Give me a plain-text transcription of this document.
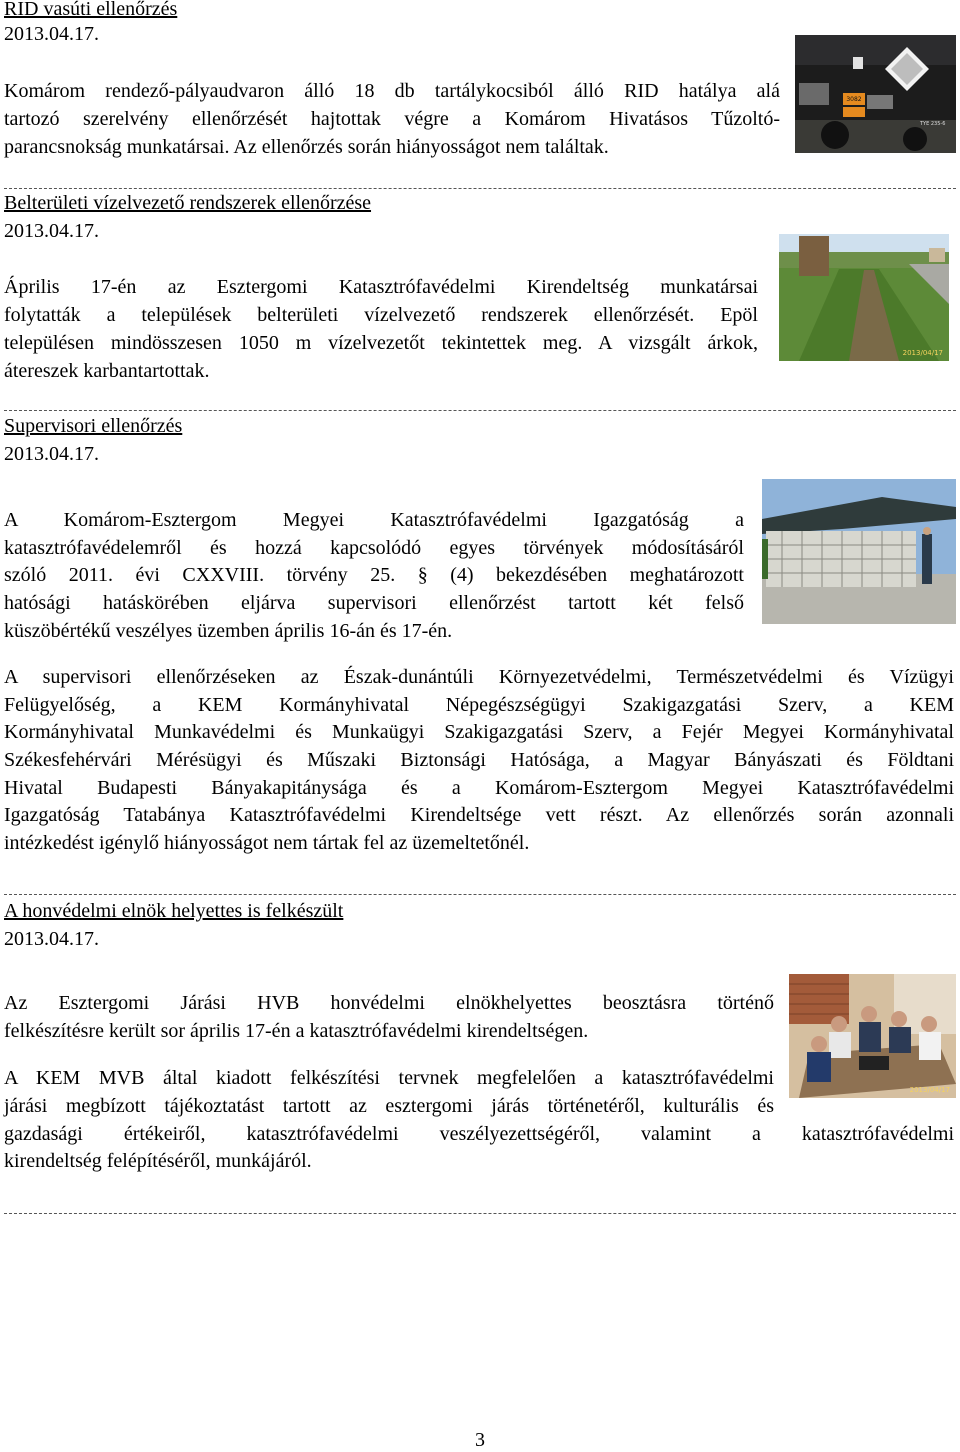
RID vasúti ellenőrzés
2013.04.17.
Komárom rendező-pályaudvaron álló 18 db tartálykocsiból álló RID hatálya alá
tartozó szerelvény ellenőrzését hajtottak végre a Komárom Hivatásos Tűzoltó-
parancsnokság munkatársai. Az ellenőrzés során hiányosságot nem találtak.
3082
TYE 235-6
Belterületi vízelvezető rendszerek ellenőrzése
2013.04.17.
Április 17-én az Esztergomi Katasztrófavédelmi Kirendeltség munkatársai
folytatták a települések belterületi vízelvezető rendszerek ellenőrzését. Epöl
településen mindösszesen 1050 m vízelvezetőt tekintettek meg. A vizsgált árkok,
átereszek karbantartottak.
2013/04/17
Supervisori ellenőrzés
2013.04.17.
A Komárom-Esztergom Megyei Katasztrófavédelmi Igazgatóság a
katasztrófavédelemről és hozzá kapcsolódó egyes törvények módosításáról
szóló 2011. évi CXXVIII. törvény 25. § (4) bekezdésében meghatározott
hatósági hatáskörében eljárva supervisori ellenőrzést tartott két felső
küszöbértékű veszélyes üzemben április 16-án és 17-én.
A supervisori ellenőrzéseken az Észak-dunántúli Környezetvédelmi, Természetvédelmi és Vízügyi
Felügyelőség, a KEM Kormányhivatal Népegészségügyi Szakigazgatási Szerv, a KEM
Kormányhivatal Munkavédelmi és Munkaügyi Szakigazgatási Szerv, a Fejér Megyei Kormányhivatal
Székesfehérvári Mérésügyi és Műszaki Biztonsági Hatósága, a Magyar Bányászati és Földtani
Hivatal Budapesti Bányakapitánysága és a Komárom-Esztergom Megyei Katasztrófavédelmi
Igazgatóság Tatabánya Katasztrófavédelmi Kirendeltsége vett részt. Az ellenőrzés során azonnali
intézkedést igénylő hiányosságot nem tártak fel az üzemeltetőnél.
A honvédelmi elnök helyettes is felkészült
2013.04.17.
Az Esztergomi Járási HVB honvédelmi elnökhelyettes beosztásra történő
felkészítésre került sor április 17-én a katasztrófavédelmi kirendeltségen.
2013/04/17
A KEM MVB által kiadott felkészítési tervnek megfelelően a katasztrófavédelmi
járási megbízott tájékoztatást tartott az esztergomi járás történetéről, kulturális és
gazdasági értékeiről, katasztrófavédelmi veszélyezettségéről, valamint a katasztrófavédelmi
kirendeltség felépítéséről, munkájáról.
3
